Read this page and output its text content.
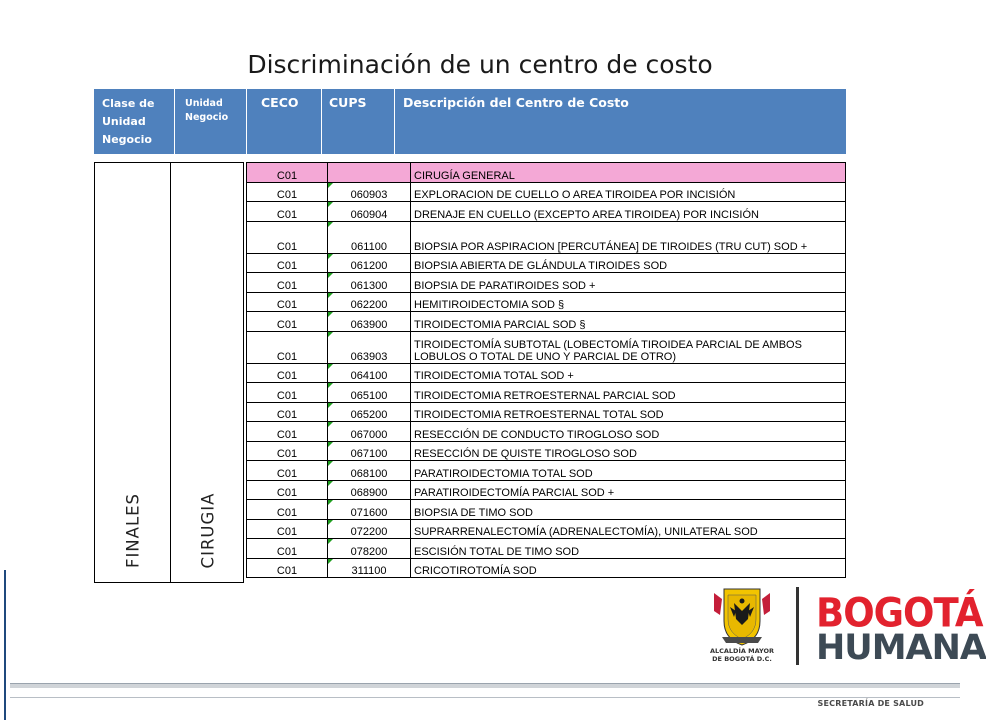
Discriminación de un centro de costo
Clase de Unidad Negocio
Unidad Negocio
CECO	CUPS	Descripción del Centro de Costo
FINALES	CIRUGIA
C01		CIRUGÍA GENERAL
C01	060903	EXPLORACION DE CUELLO O AREA TIROIDEA POR INCISIÓN
C01	060904	DRENAJE EN CUELLO (EXCEPTO AREA TIROIDEA) POR INCISIÓN
C01	061100	BIOPSIA POR ASPIRACION [PERCUTÁNEA] DE TIROIDES (TRU CUT) SOD +
C01	061200	BIOPSIA ABIERTA DE GLÁNDULA TIROIDES SOD
C01	061300	BIOPSIA DE PARATIROIDES SOD +
C01	062200	HEMITIROIDECTOMIA SOD §
C01	063900	TIROIDECTOMIA PARCIAL SOD §
C01	063903	TIROIDECTOMÍA SUBTOTAL (LOBECTOMÍA TIROIDEA PARCIAL DE AMBOS LOBULOS O TOTAL DE UNO Y PARCIAL DE OTRO)
C01	064100	TIROIDECTOMIA TOTAL SOD +
C01	065100	TIROIDECTOMIA RETROESTERNAL PARCIAL SOD
C01	065200	TIROIDECTOMIA RETROESTERNAL TOTAL SOD
C01	067000	RESECCIÓN DE CONDUCTO TIROGLOSO SOD
C01	067100	RESECCIÓN DE QUISTE TIROGLOSO SOD
C01	068100	PARATIROIDECTOMIA TOTAL SOD
C01	068900	PARATIROIDECTOMÍA PARCIAL SOD +
C01	071600	BIOPSIA DE TIMO SOD
C01	072200	SUPRARRENALECTOMÍA (ADRENALECTOMÍA), UNILATERAL SOD
C01	078200	ESCISIÓN TOTAL DE TIMO SOD
C01	311100	CRICOTIROTOMÍA SOD
ALCALDÍA MAYOR
DE BOGOTÁ D.C.
BOGOTÁ
HUMANA
SECRETARÍA DE SALUD
